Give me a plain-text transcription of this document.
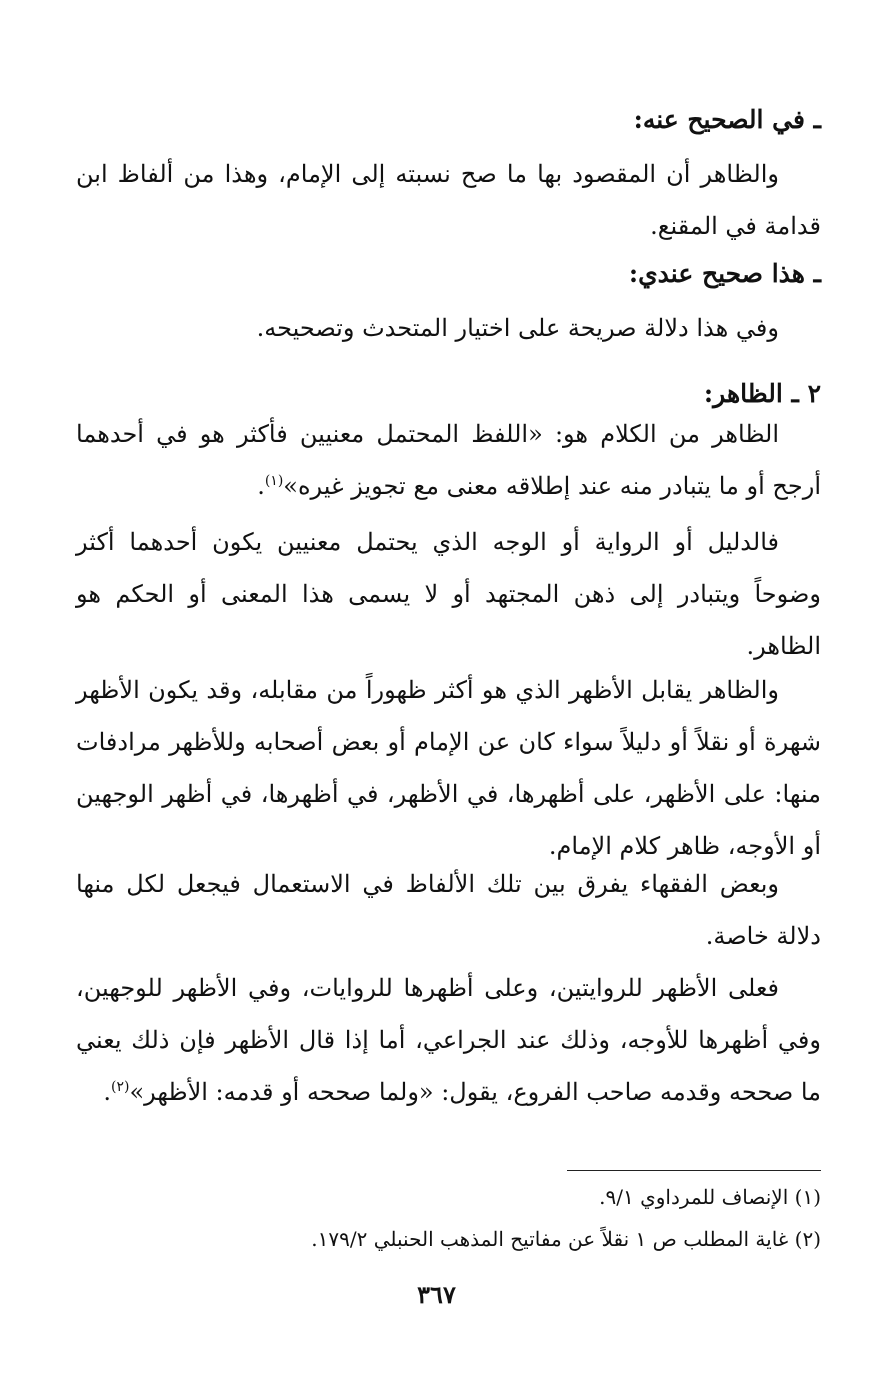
ـ في الصحيح عنه:
والظاهر أن المقصود بها ما صح نسبته إلى الإمام، وهذا من ألفاظ ابن قدامة في المقنع.
ـ هذا صحيح عندي:
وفي هذا دلالة صريحة على اختيار المتحدث وتصحيحه.
٢ ـ الظاهر:
الظاهر من الكلام هو: «اللفظ المحتمل معنيين فأكثر هو في أحدهما أرجح أو ما يتبادر منه عند إطلاقه معنى مع تجويز غيره»$^{(١)}$.
فالدليل أو الرواية أو الوجه الذي يحتمل معنيين يكون أحدهما أكثر وضوحاً ويتبادر إلى ذهن المجتهد أو لا يسمى هذا المعنى أو الحكم هو الظاهر.
والظاهر يقابل الأظهر الذي هو أكثر ظهوراً من مقابله، وقد يكون الأظهر شهرة أو نقلاً أو دليلاً سواء كان عن الإمام أو بعض أصحابه وللأظهر مرادفات منها: على الأظهر، على أظهرها، في الأظهر، في أظهرها، في أظهر الوجهين أو الأوجه، ظاهر كلام الإمام.
وبعض الفقهاء يفرق بين تلك الألفاظ في الاستعمال فيجعل لكل منها دلالة خاصة.
فعلى الأظهر للروايتين، وعلى أظهرها للروايات، وفي الأظهر للوجهين، وفي أظهرها للأوجه، وذلك عند الجراعي، أما إذا قال الأظهر فإن ذلك يعني ما صححه وقدمه صاحب الفروع، يقول: «ولما صححه أو قدمه: الأظهر»$^{(٢)}$.
(١) الإنصاف للمرداوي ٩/١.
(٢) غاية المطلب ص ١ نقلاً عن مفاتيح المذهب الحنبلي ١٧٩/٢.
٣٦٧
